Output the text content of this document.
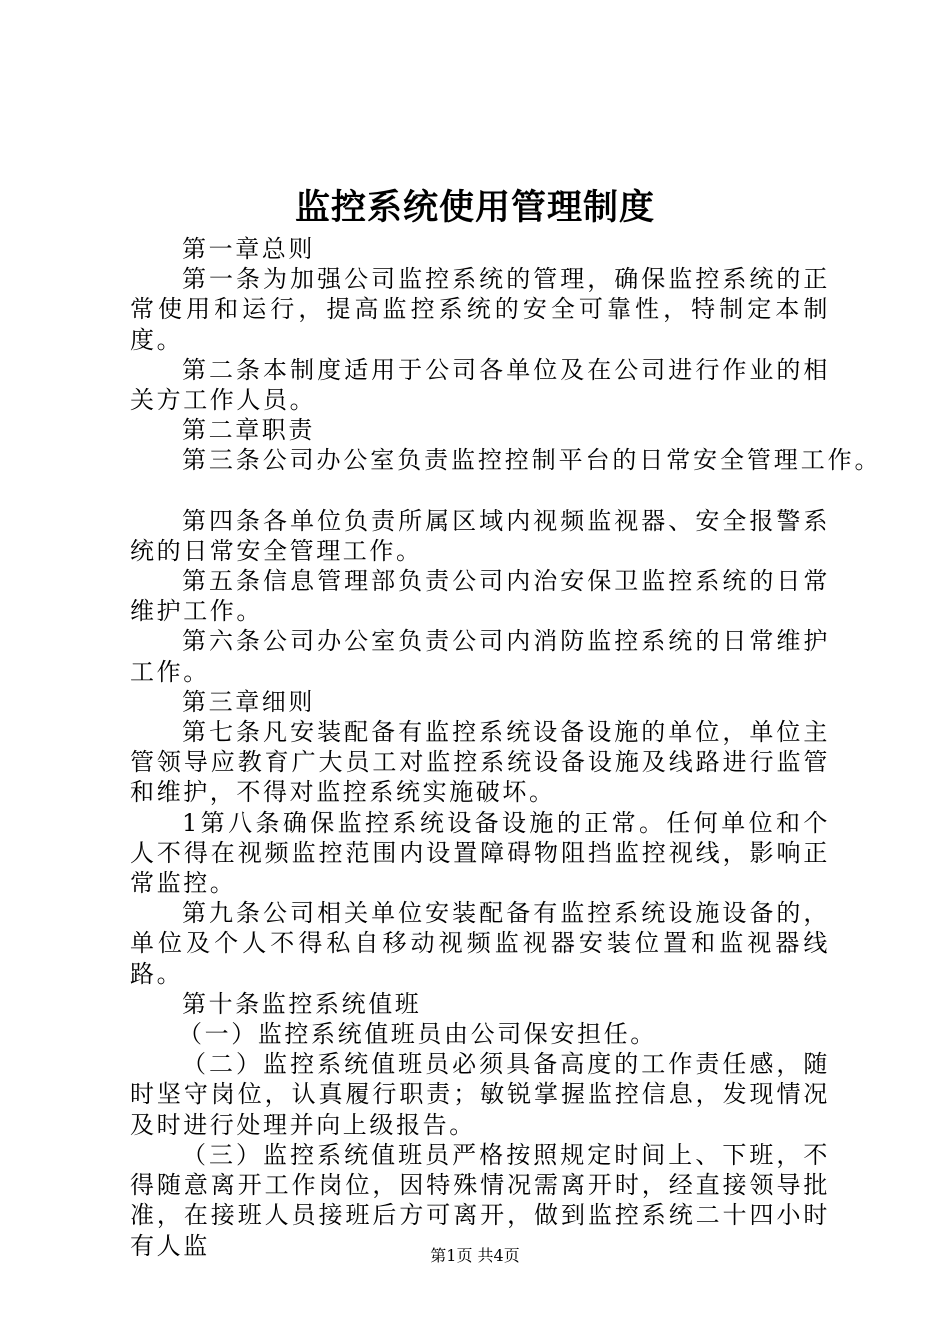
监控系统使用管理制度

第一章总则

第一条为加强公司监控系统的管理，确保监控系统的正常使用和运行，提高监控系统的安全可靠性，特制定本制度。

第二条本制度适用于公司各单位及在公司进行作业的相关方工作人员。

第二章职责

第三条公司办公室负责监控控制平台的日常安全管理工作。

第四条各单位负责所属区域内视频监视器、安全报警系统的日常安全管理工作。

第五条信息管理部负责公司内治安保卫监控系统的日常维护工作。

第六条公司办公室负责公司内消防监控系统的日常维护工作。

第三章细则

第七条凡安装配备有监控系统设备设施的单位，单位主管领导应教育广大员工对监控系统设备设施及线路进行监管和维护，不得对监控系统实施破坏。

1第八条确保监控系统设备设施的正常。任何单位和个人不得在视频监控范围内设置障碍物阻挡监控视线，影响正常监控。

第九条公司相关单位安装配备有监控系统设施设备的，单位及个人不得私自移动视频监视器安装位置和监视器线路。

第十条监控系统值班

（一）监控系统值班员由公司保安担任。

（二）监控系统值班员必须具备高度的工作责任感，随时坚守岗位，认真履行职责；敏锐掌握监控信息，发现情况及时进行处理并向上级报告。

（三）监控系统值班员严格按照规定时间上、下班，不得随意离开工作岗位，因特殊情况需离开时，经直接领导批准，在接班人员接班后方可离开，做到监控系统二十四小时有人监	第1页 共4页
